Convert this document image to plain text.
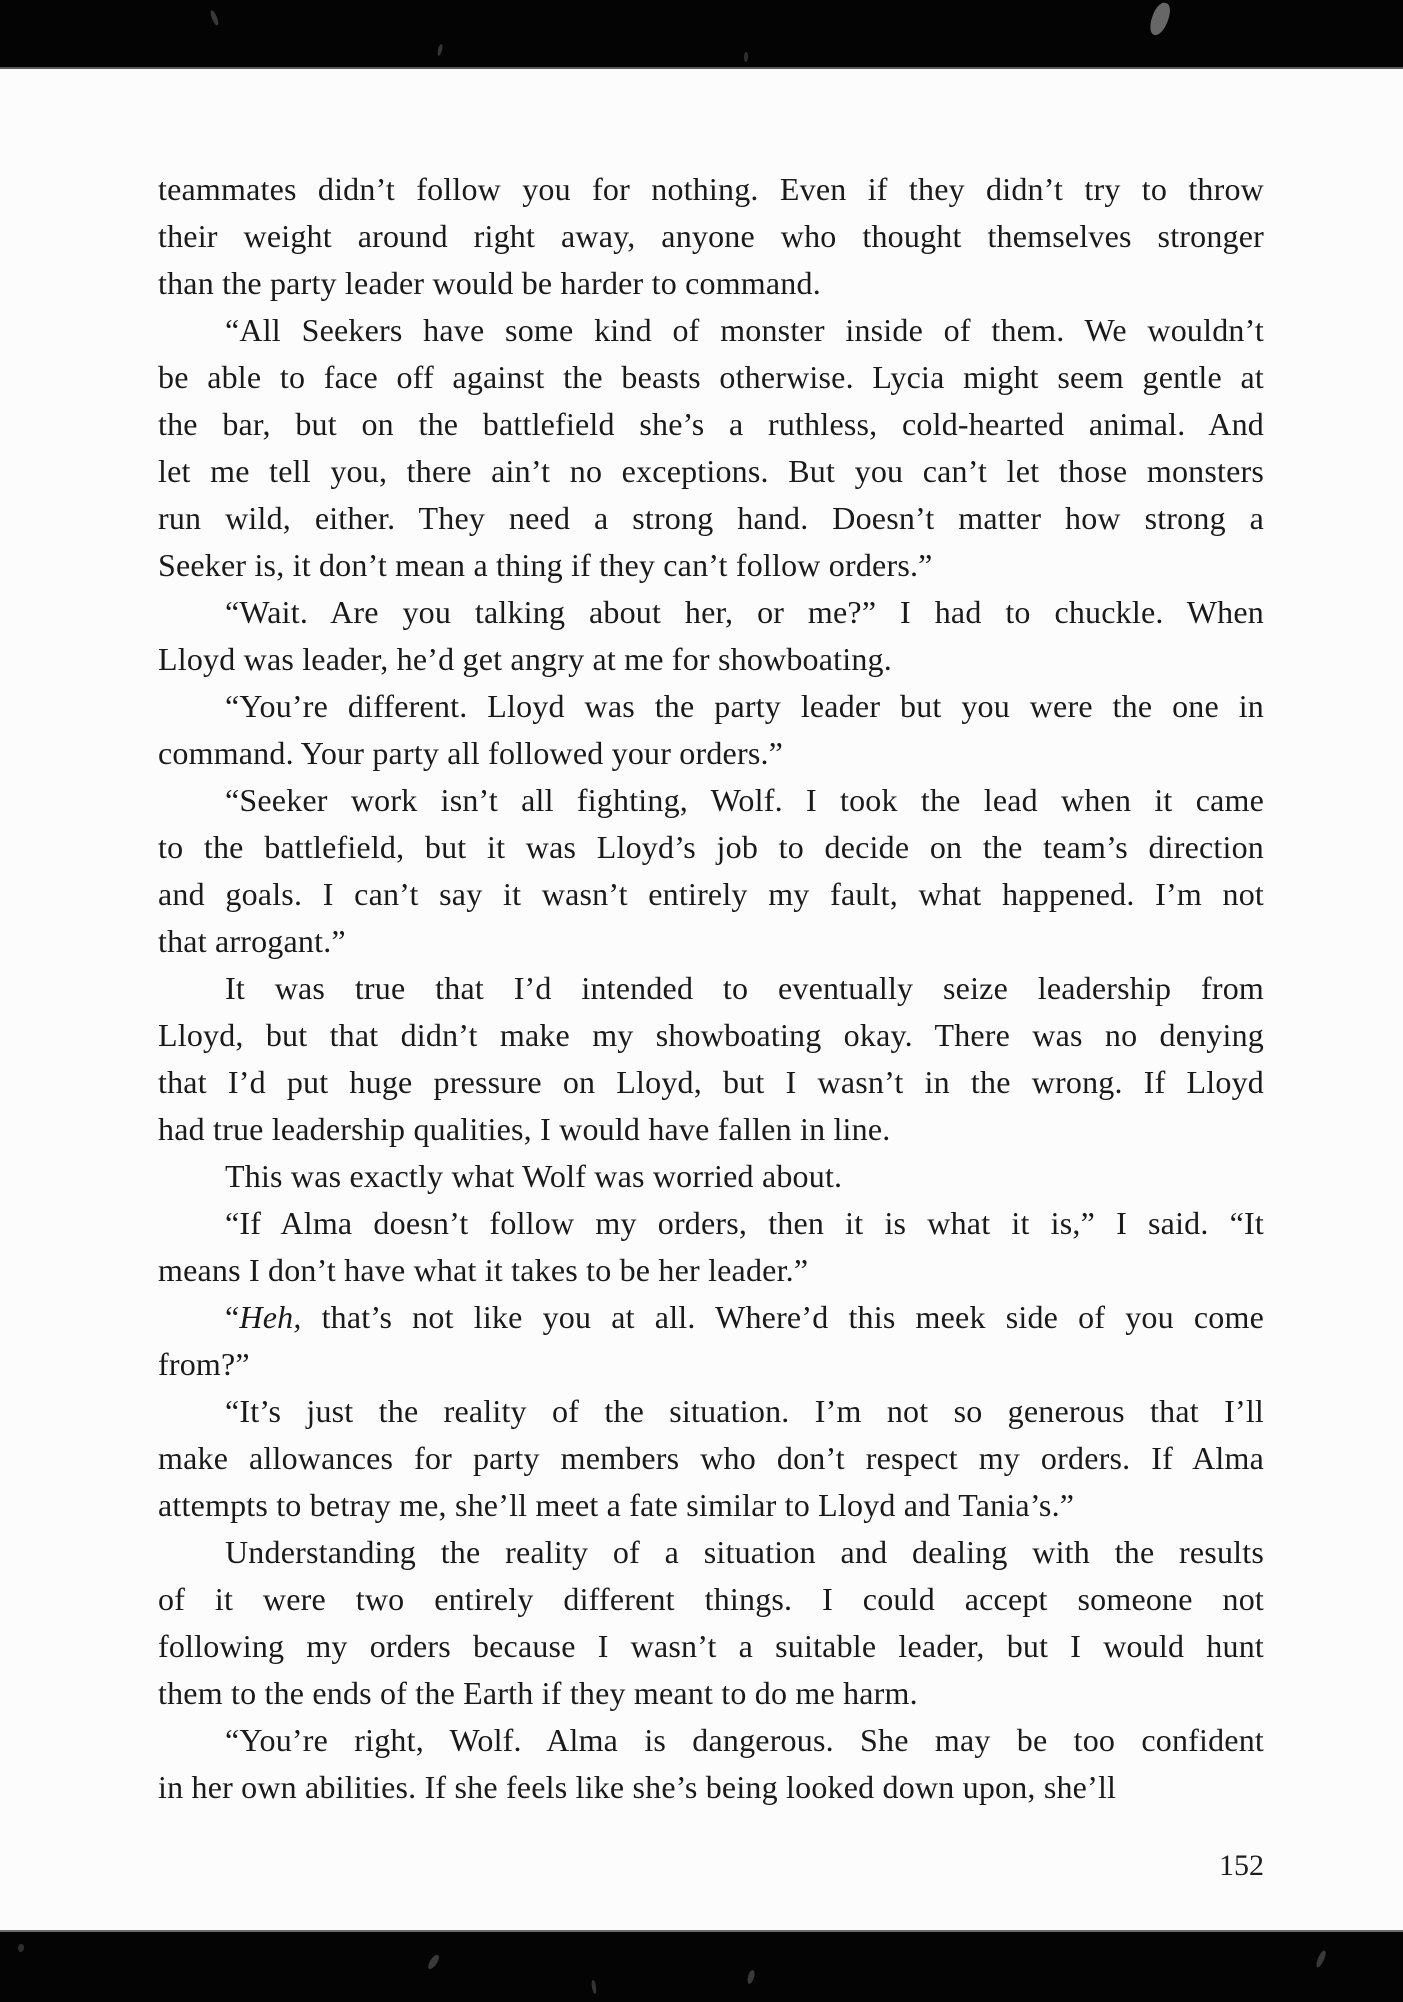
teammates didn’t follow you for nothing. Even if they didn’t try to throw
their weight around right away, anyone who thought themselves stronger
than the party leader would be harder to command.

“All Seekers have some kind of monster inside of them. We wouldn’t
be able to face off against the beasts otherwise. Lycia might seem gentle at
the bar, but on the battlefield she’s a ruthless, cold-hearted animal. And
let me tell you, there ain’t no exceptions. But you can’t let those monsters
run wild, either. They need a strong hand. Doesn’t matter how strong a
Seeker is, it don’t mean a thing if they can’t follow orders.”

“Wait. Are you talking about her, or me?” I had to chuckle. When
Lloyd was leader, he’d get angry at me for showboating.

“You’re different. Lloyd was the party leader but you were the one in
command. Your party all followed your orders.”

“Seeker work isn’t all fighting, Wolf. I took the lead when it came
to the battlefield, but it was Lloyd’s job to decide on the team’s direction
and goals. I can’t say it wasn’t entirely my fault, what happened. I’m not
that arrogant.”

It was true that I’d intended to eventually seize leadership from
Lloyd, but that didn’t make my showboating okay. There was no denying
that I’d put huge pressure on Lloyd, but I wasn’t in the wrong. If Lloyd
had true leadership qualities, I would have fallen in line.

This was exactly what Wolf was worried about.

“If Alma doesn’t follow my orders, then it is what it is,” I said. “It
means I don’t have what it takes to be her leader.”

“Heh, that’s not like you at all. Where’d this meek side of you come
from?”

“It’s just the reality of the situation. I’m not so generous that I’ll
make allowances for party members who don’t respect my orders. If Alma
attempts to betray me, she’ll meet a fate similar to Lloyd and Tania’s.”

Understanding the reality of a situation and dealing with the results
of it were two entirely different things. I could accept someone not
following my orders because I wasn’t a suitable leader, but I would hunt
them to the ends of the Earth if they meant to do me harm.

“You’re right, Wolf. Alma is dangerous. She may be too confident
in her own abilities. If she feels like she’s being looked down upon, she’ll

152
